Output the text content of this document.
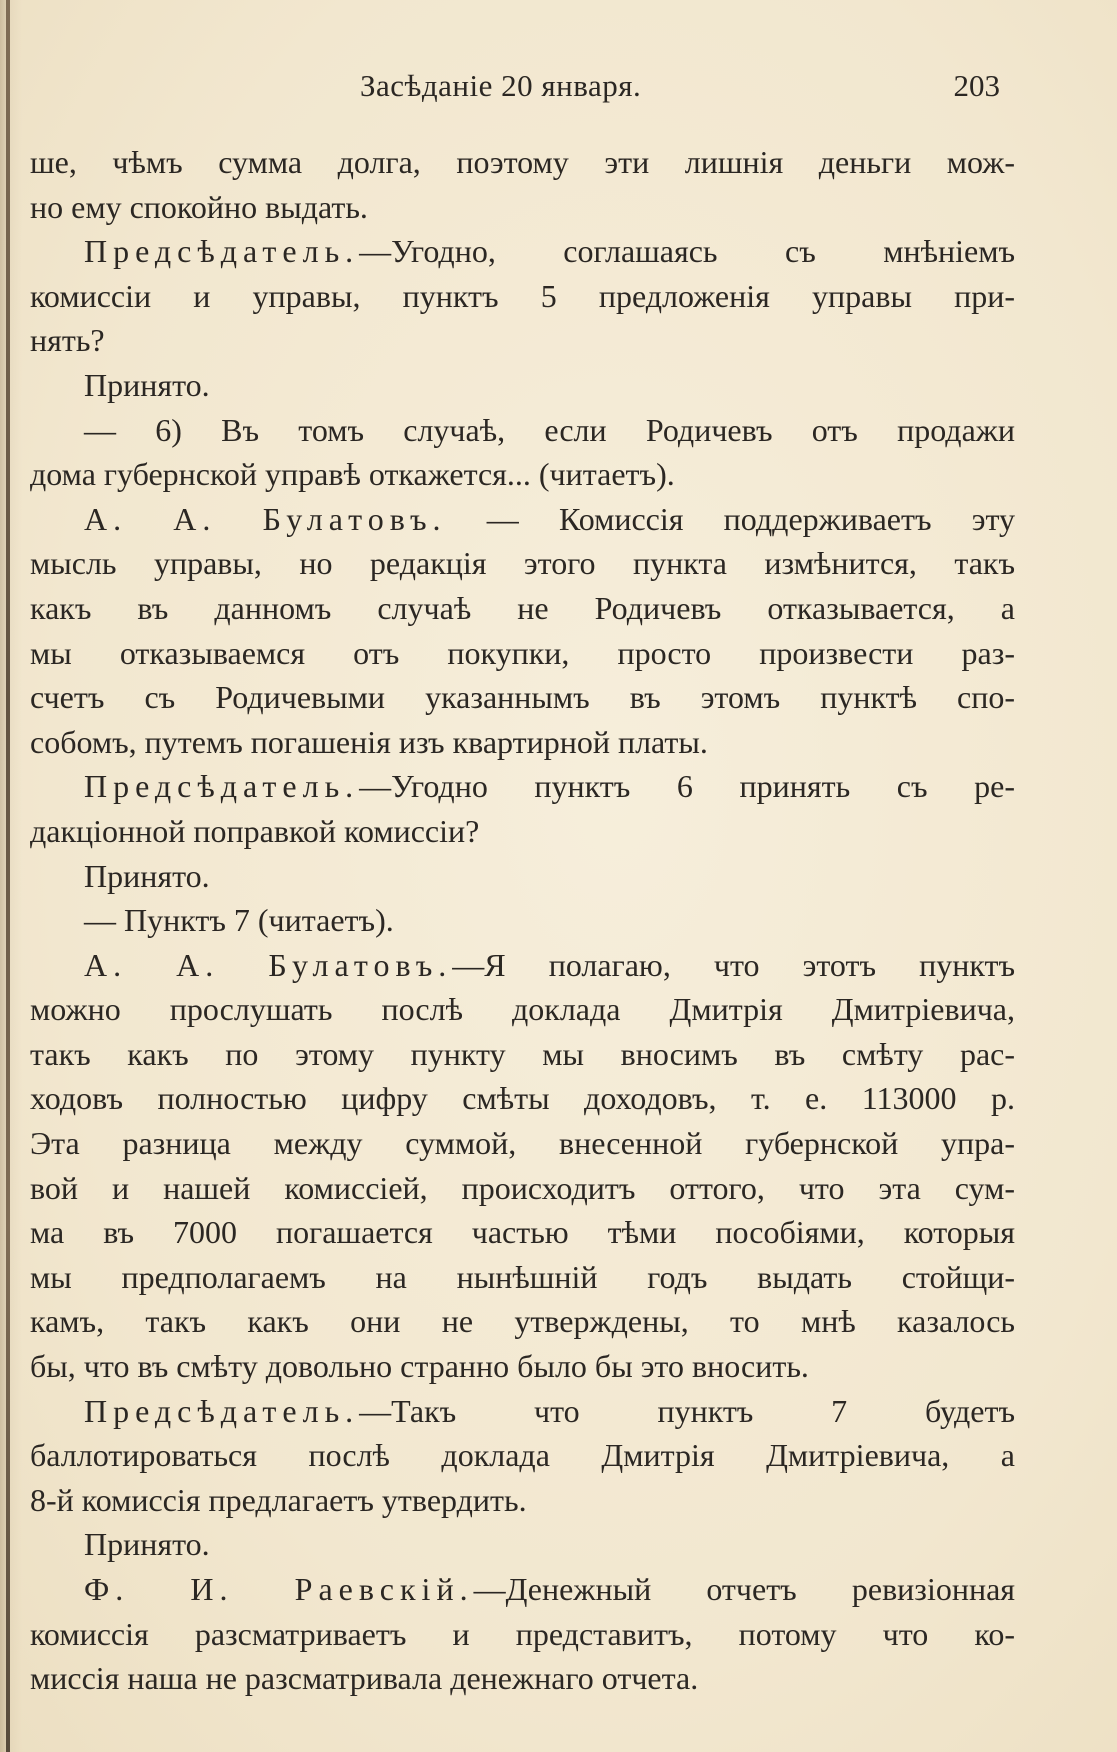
Засѣданіе 20 января.	203
ше, чѣмъ сумма долга, поэтому эти лишнія деньги мож-
но ему спокойно выдать.
Предсѣдатель.—Угодно, соглашаясь съ мнѣніемъ
комиссіи и управы, пунктъ 5 предложенія управы при-
нять?
Принято.
— 6) Въ томъ случаѣ, если Родичевъ отъ продажи
дома губернской управѣ откажется... (читаетъ).
А. А. Булатовъ. — Комиссія поддерживаетъ эту
мысль управы, но редакція этого пункта измѣнится, такъ
какъ въ данномъ случаѣ не Родичевъ отказывается, а
мы отказываемся отъ покупки, просто произвести раз-
счетъ съ Родичевыми указаннымъ въ этомъ пунктѣ спо-
собомъ, путемъ погашенія изъ квартирной платы.
Предсѣдатель.—Угодно пунктъ 6 принять съ ре-
дакціонной поправкой комиссіи?
Принято.
— Пунктъ 7 (читаетъ).
А. А. Булатовъ.—Я полагаю, что этотъ пунктъ
можно прослушать послѣ доклада Дмитрія Дмитріевича,
такъ какъ по этому пункту мы вносимъ въ смѣту рас-
ходовъ полностью цифру смѣты доходовъ, т. е. 113000 р.
Эта разница между суммой, внесенной губернской упра-
вой и нашей комиссіей, происходитъ оттого, что эта сум-
ма въ 7000 погашается частью тѣми пособіями, которыя
мы предполагаемъ на нынѣшній годъ выдать стойщи-
камъ, такъ какъ они не утверждены, то мнѣ казалось
бы, что въ смѣту довольно странно было бы это вносить.
Предсѣдатель.—Такъ что пунктъ 7 будетъ
баллотироваться послѣ доклада Дмитрія Дмитріевича, а
8-й комиссія предлагаетъ утвердить.
Принято.
Ф. И. Раевскій.—Денежный отчетъ ревизіонная
комиссія разсматриваетъ и представитъ, потому что ко-
миссія наша не разсматривала денежнаго отчета.
